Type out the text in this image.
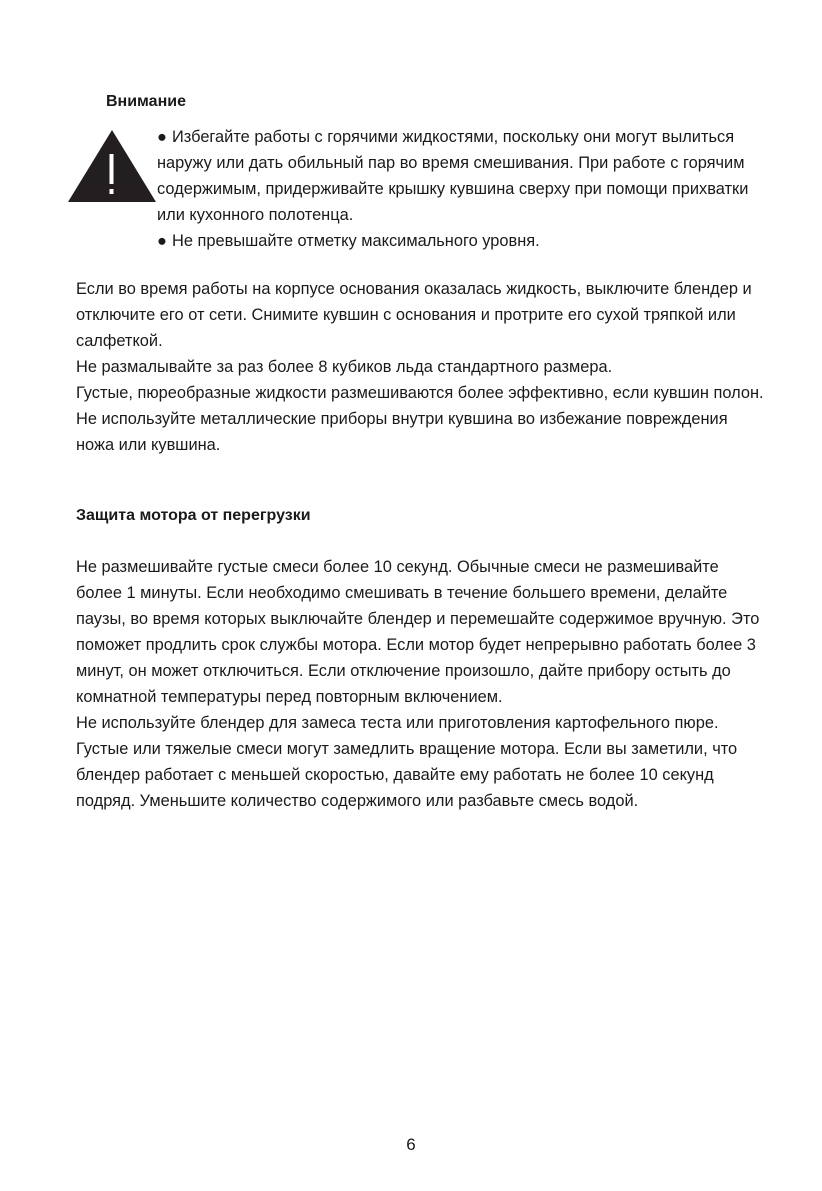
Внимание
● Избегайте работы с горячими жидкостями, поскольку они могут вылиться наружу или дать обильный пар во время смешивания. При работе с горячим содержимым, придерживайте крышку кувшина сверху при помощи прихватки или кухонного полотенца.
● Не превышайте отметку максимального уровня.

Если во время работы на корпусе основания оказалась жидкость, выключите блендер и отключите его от сети. Снимите кувшин с основания и протрите его сухой тряпкой или салфеткой.

Не размалывайте за раз более 8 кубиков льда стандартного размера.

Густые, пюреобразные жидкости размешиваются более эффективно, если кувшин полон.

Не используйте металлические приборы внутри кувшина во избежание повреждения ножа или кувшина.

Защита мотора от перегрузки

Не размешивайте густые смеси более 10 секунд. Обычные смеси не размешивайте более 1 минуты. Если необходимо смешивать в течение большего времени, делайте паузы, во время которых выключайте блендер и перемешайте содержимое вручную. Это поможет продлить срок службы мотора. Если мотор будет непрерывно работать более 3 минут, он может отключиться. Если отключение произошло, дайте прибору остыть до комнатной температуры перед повторным включением.

Не используйте блендер для замеса теста или приготовления картофельного пюре.

Густые или тяжелые смеси могут замедлить вращение мотора. Если вы заметили, что блендер работает с меньшей скоростью, давайте ему работать не более 10 секунд подряд. Уменьшите количество содержимого или разбавьте смесь водой.

6
